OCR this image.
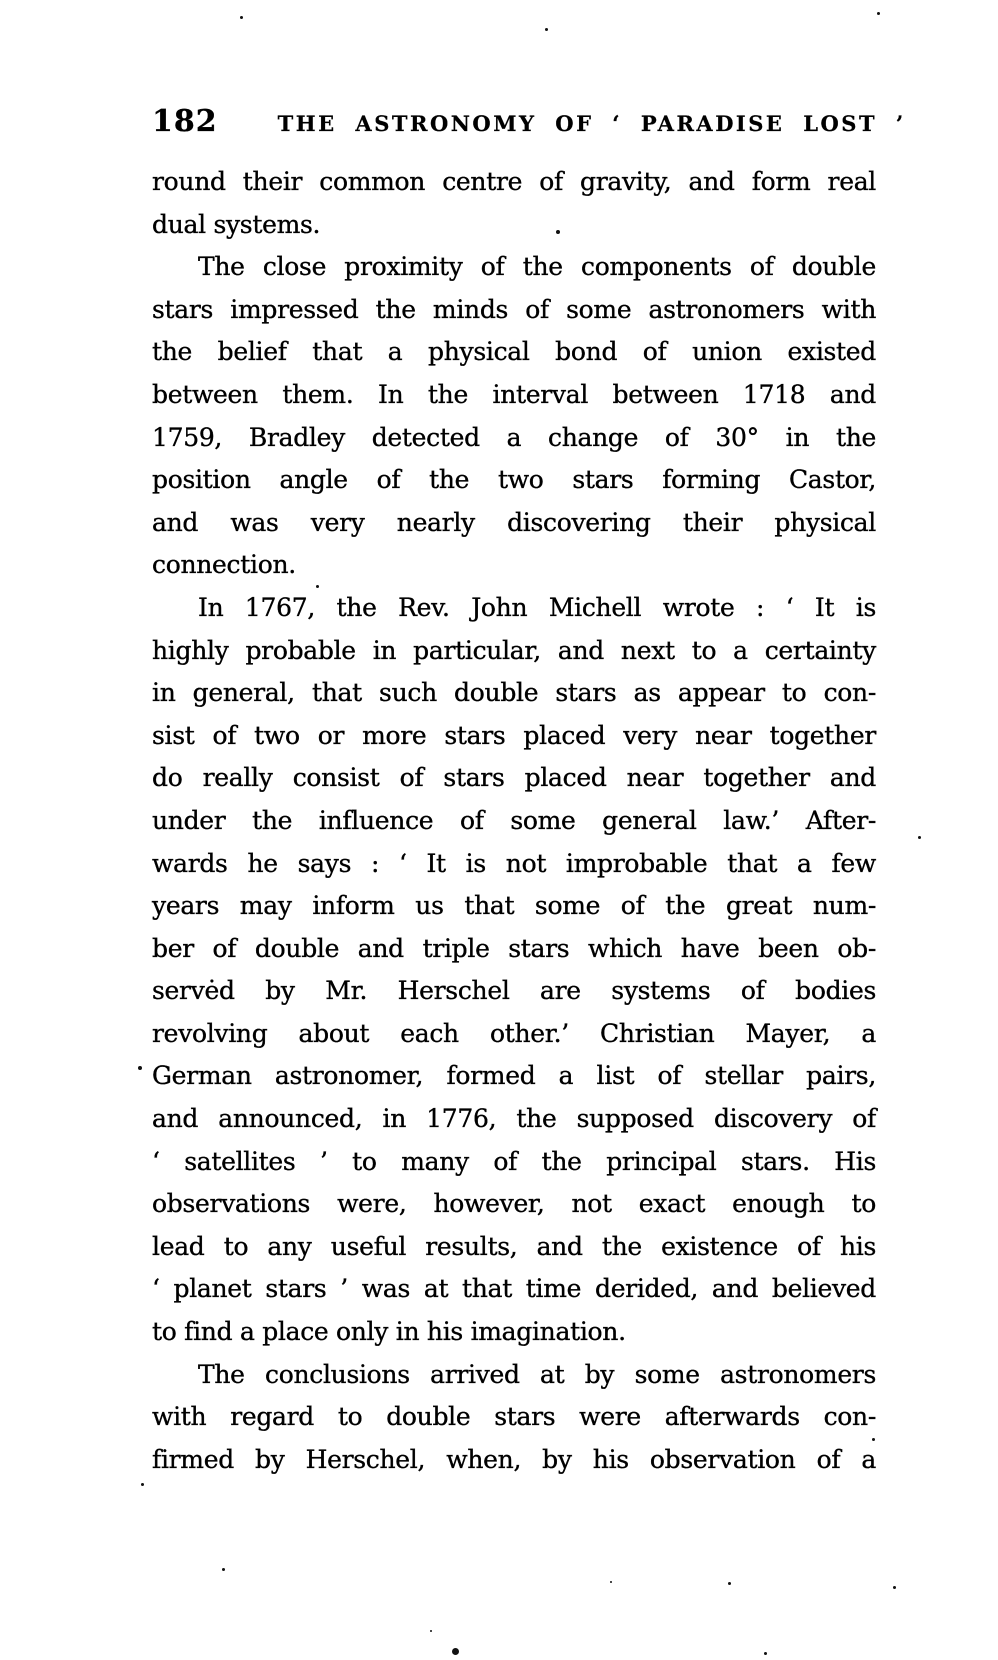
182	THE ASTRONOMY OF ‘ PARADISE LOST ’
round their common centre of gravity, and form real
dual systems.
The close proximity of the components of double
stars impressed the minds of some astronomers with
the belief that a physical bond of union existed
between them. In the interval between 1718 and
1759, Bradley detected a change of 30° in the
position angle of the two stars forming Castor,
and was very nearly discovering their physical
connection.
In 1767, the Rev. John Michell wrote : ‘ It is
highly probable in particular, and next to a certainty
in general, that such double stars as appear to con-
sist of two or more stars placed very near together
do really consist of stars placed near together and
under the influence of some general law.’ After-
wards he says : ‘ It is not improbable that a few
years may inform us that some of the great num-
ber of double and triple stars which have been ob-
servėd by Mr. Herschel are systems of bodies
revolving about each other.’ Christian Mayer, a
German astronomer, formed a list of stellar pairs,
and announced, in 1776, the supposed discovery of
‘ satellites ’ to many of the principal stars. His
observations were, however, not exact enough to
lead to any useful results, and the existence of his
‘ planet stars ’ was at that time derided, and believed
to find a place only in his imagination.
The conclusions arrived at by some astronomers
with regard to double stars were afterwards con-
firmed by Herschel, when, by his observation of a
